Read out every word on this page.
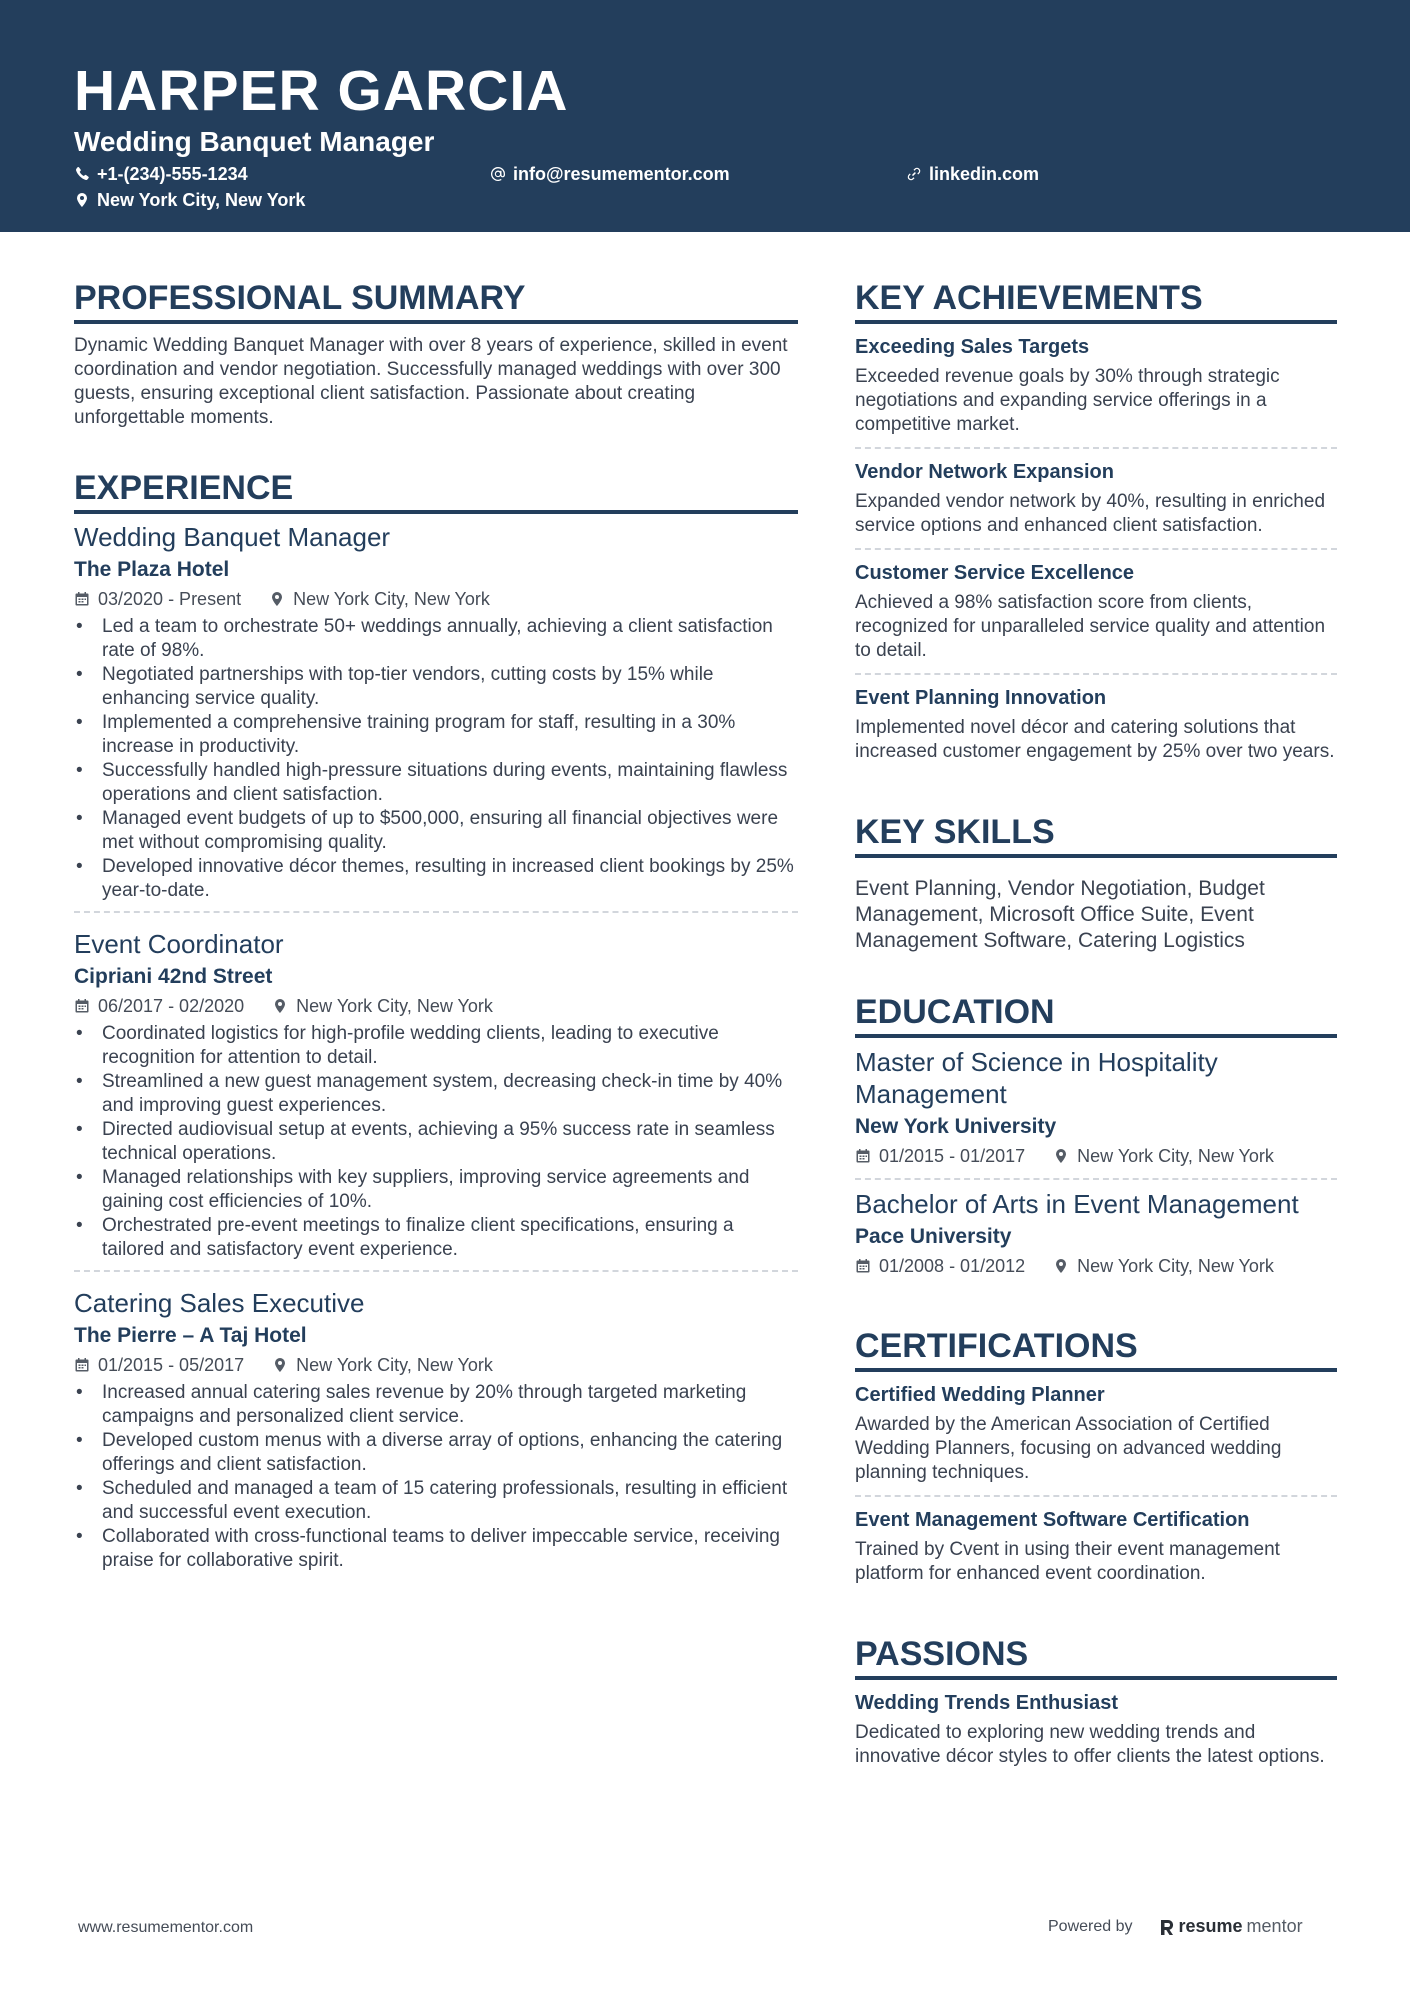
HARPER GARCIA
Wedding Banquet Manager
+1-(234)-555-1234	info@resumementor.com	linkedin.com
New York City, New York
PROFESSIONAL SUMMARY
Dynamic Wedding Banquet Manager with over 8 years of experience, skilled in event coordination and vendor negotiation. Successfully managed weddings with over 300 guests, ensuring exceptional client satisfaction. Passionate about creating unforgettable moments.
EXPERIENCE
Wedding Banquet Manager
The Plaza Hotel
03/2020 - Present	New York City, New York
• Led a team to orchestrate 50+ weddings annually, achieving a client satisfaction rate of 98%.
• Negotiated partnerships with top-tier vendors, cutting costs by 15% while enhancing service quality.
• Implemented a comprehensive training program for staff, resulting in a 30% increase in productivity.
• Successfully handled high-pressure situations during events, maintaining flawless operations and client satisfaction.
• Managed event budgets of up to $500,000, ensuring all financial objectives were met without compromising quality.
• Developed innovative décor themes, resulting in increased client bookings by 25% year-to-date.
Event Coordinator
Cipriani 42nd Street
06/2017 - 02/2020	New York City, New York
• Coordinated logistics for high-profile wedding clients, leading to executive recognition for attention to detail.
• Streamlined a new guest management system, decreasing check-in time by 40% and improving guest experiences.
• Directed audiovisual setup at events, achieving a 95% success rate in seamless technical operations.
• Managed relationships with key suppliers, improving service agreements and gaining cost efficiencies of 10%.
• Orchestrated pre-event meetings to finalize client specifications, ensuring a tailored and satisfactory event experience.
Catering Sales Executive
The Pierre – A Taj Hotel
01/2015 - 05/2017	New York City, New York
• Increased annual catering sales revenue by 20% through targeted marketing campaigns and personalized client service.
• Developed custom menus with a diverse array of options, enhancing the catering offerings and client satisfaction.
• Scheduled and managed a team of 15 catering professionals, resulting in efficient and successful event execution.
• Collaborated with cross-functional teams to deliver impeccable service, receiving praise for collaborative spirit.
KEY ACHIEVEMENTS
Exceeding Sales Targets
Exceeded revenue goals by 30% through strategic negotiations and expanding service offerings in a competitive market.
Vendor Network Expansion
Expanded vendor network by 40%, resulting in enriched service options and enhanced client satisfaction.
Customer Service Excellence
Achieved a 98% satisfaction score from clients, recognized for unparalleled service quality and attention to detail.
Event Planning Innovation
Implemented novel décor and catering solutions that increased customer engagement by 25% over two years.
KEY SKILLS
Event Planning, Vendor Negotiation, Budget Management, Microsoft Office Suite, Event Management Software, Catering Logistics
EDUCATION
Master of Science in Hospitality Management
New York University
01/2015 - 01/2017	New York City, New York
Bachelor of Arts in Event Management
Pace University
01/2008 - 01/2012	New York City, New York
CERTIFICATIONS
Certified Wedding Planner
Awarded by the American Association of Certified Wedding Planners, focusing on advanced wedding planning techniques.
Event Management Software Certification
Trained by Cvent in using their event management platform for enhanced event coordination.
PASSIONS
Wedding Trends Enthusiast
Dedicated to exploring new wedding trends and innovative décor styles to offer clients the latest options.
www.resumementor.com	Powered by	resume mentor
